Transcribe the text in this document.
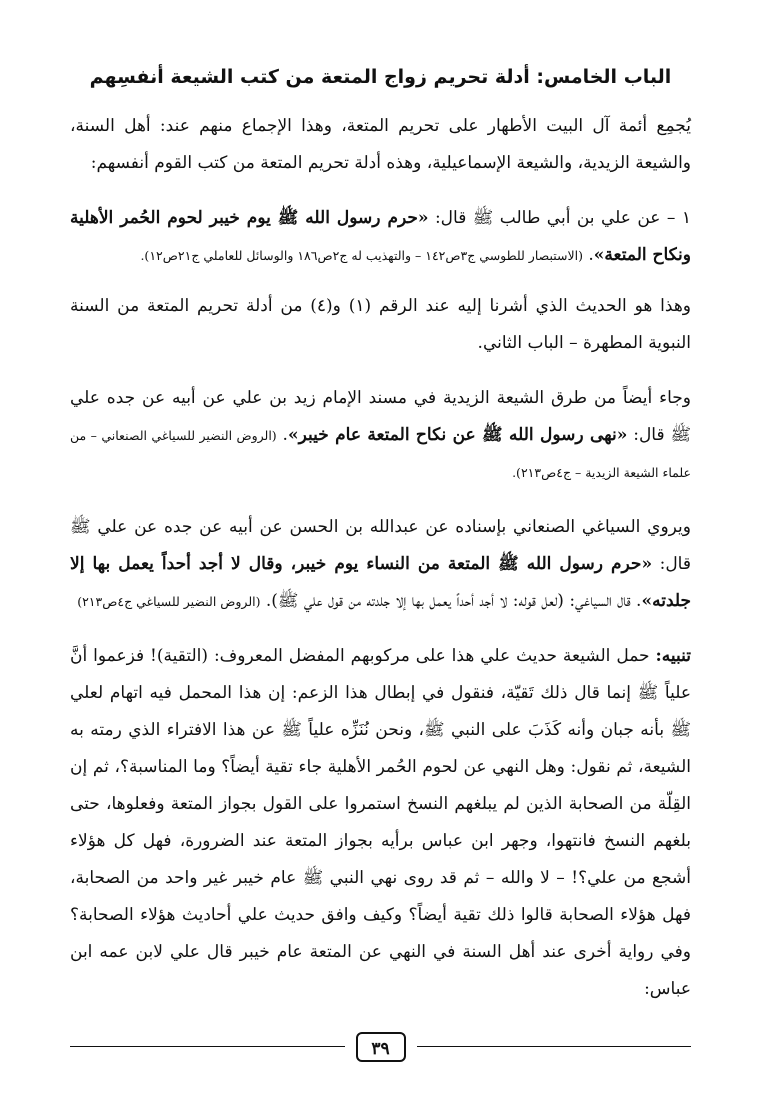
الباب الخامس: أدلة تحريم زواج المتعة من كتب الشيعة أنفسِهم

يُجمِع أئمة آل البيت الأطهار على تحريم المتعة، وهذا الإجماع منهم عند: أهل السنة، والشيعة الزيدية، والشيعة الإسماعيلية، وهذه أدلة تحريم المتعة من كتب القوم أنفسهم:

١ – عن علي بن أبي طالب ﷺ قال: «حرم رسول الله ﷺ يوم خيبر لحوم الحُمر الأهلية ونكاح المتعة». (الاستبصار للطوسي ج٣ص١٤٢ – والتهذيب له ج٢ص١٨٦ والوسائل للعاملي ج٢١ص١٢).

وهذا هو الحديث الذي أشرنا إليه عند الرقم (١) و(٤) من أدلة تحريم المتعة من السنة النبوية المطهرة – الباب الثاني.

وجاء أيضاً من طرق الشيعة الزيدية في مسند الإمام زيد بن علي عن أبيه عن جده علي ﷺ قال: «نهى رسول الله ﷺ عن نكاح المتعة عام خيبر». (الروض النضير للسياغي الصنعاني – من علماء الشيعة الزيدية – ج٤ص٢١٣).

ويروي السياغي الصنعاني بإسناده عن عبدالله بن الحسن عن أبيه عن جده عن علي ﷺ قال: «حرم رسول الله ﷺ المتعة من النساء يوم خيبر، وقال لا أجد أحداً يعمل بها إلا جلدته». قال السياغي: (لعل قوله: لا أجد أحداً يعمل بها إلا جلدته من قول علي ﷺ). (الروض النضير للسياغي ج٤ص٢١٣)

تنبيه: حمل الشيعة حديث علي هذا على مركوبهم المفضل المعروف: (التقية)! فزعموا أنَّ علياً ﷺ إنما قال ذلك تَقيّة، فنقول في إبطال هذا الزعم: إن هذا المحمل فيه اتهام لعلي ﷺ بأنه جبان وأنه كَذَبَ على النبي ﷺ، ونحن نُنَزِّه علياً ﷺ عن هذا الافتراء الذي رمته به الشيعة، ثم نقول: وهل النهي عن لحوم الحُمر الأهلية جاء تقية أيضاً؟ وما المناسبة؟، ثم إن القِلّة من الصحابة الذين لم يبلغهم النسخ استمروا على القول بجواز المتعة وفعلوها، حتى بلغهم النسخ فانتهوا، وجهر ابن عباس برأيه بجواز المتعة عند الضرورة، فهل كل هؤلاء أشجع من علي؟! – لا والله – ثم قد روى نهي النبي ﷺ عام خيبر غير واحد من الصحابة، فهل هؤلاء الصحابة قالوا ذلك تقية أيضاً؟ وكيف وافق حديث علي أحاديث هؤلاء الصحابة؟ وفي رواية أخرى عند أهل السنة في النهي عن المتعة عام خيبر قال علي لابن عمه ابن عباس:

٣٩
